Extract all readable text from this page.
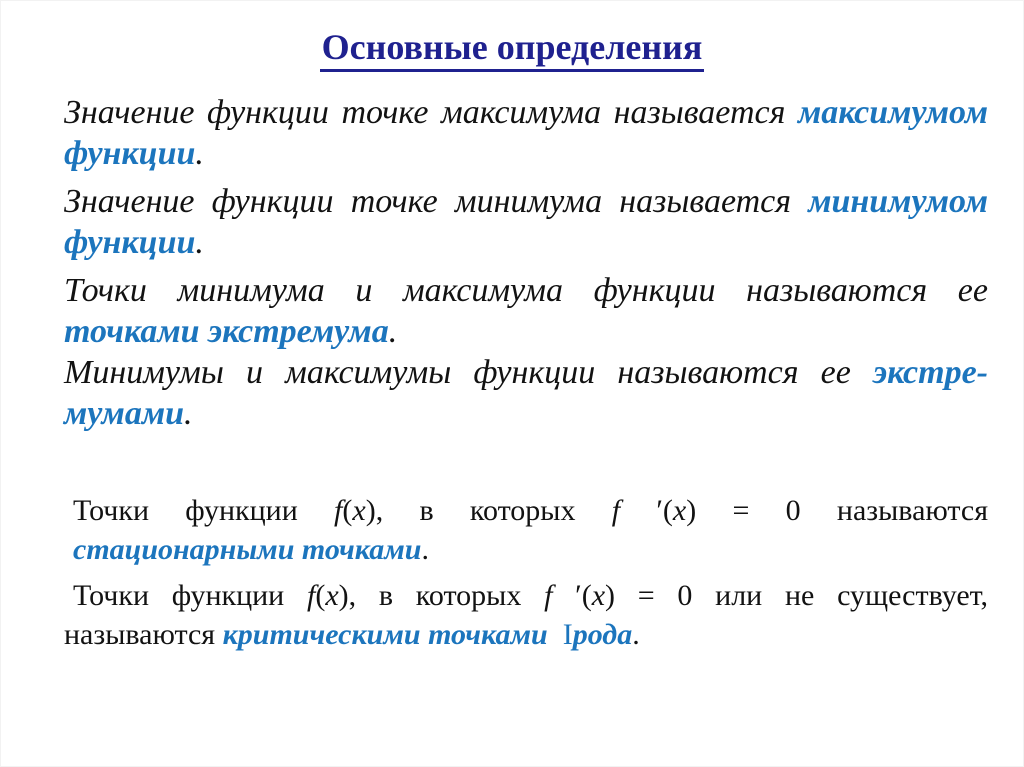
Основные определения
Значение функции точке максимума называется максимумом
функции.
Значение функции точке минимума называется минимумом
функции.
Точки минимума и максимума функции называются ее
точками экстремума.
Минимумы и максимумы функции называются ее экстре-
мумами.
Точки функции f(x), в которых f ′(x) = 0 называются
стационарными точками.
Точки функции f(x), в которых f ′(x) = 0 или не существует,
называются критическими точками Iрода.
